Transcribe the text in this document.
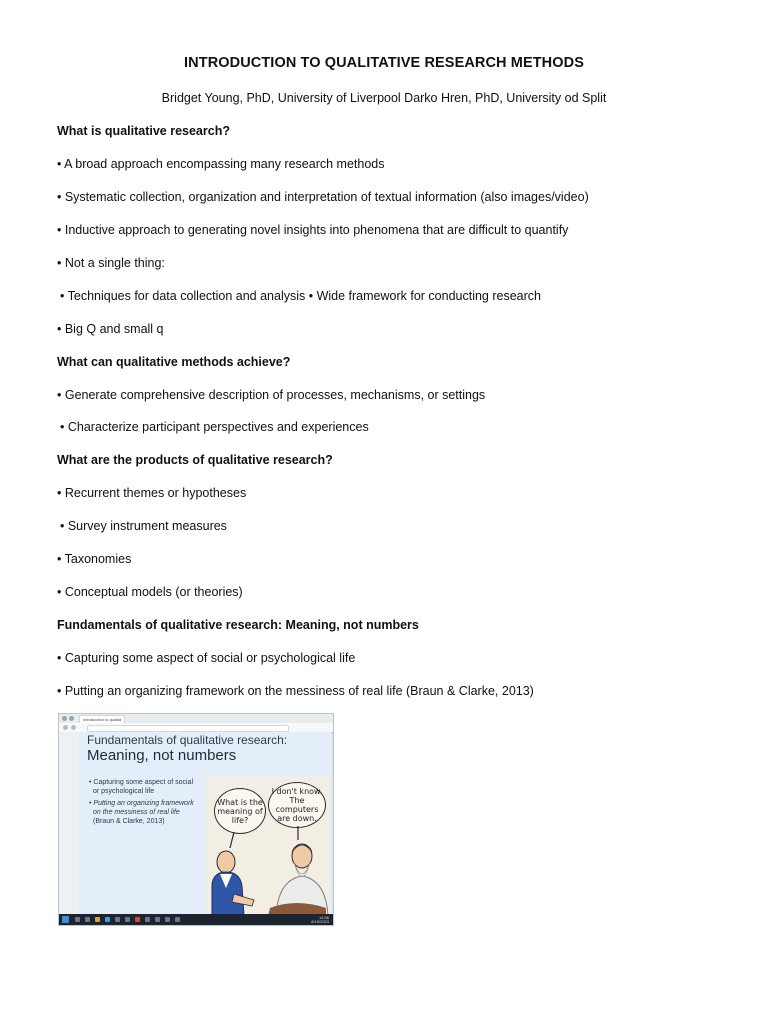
INTRODUCTION TO QUALITATIVE RESEARCH METHODS
Bridget Young, PhD, University of Liverpool Darko Hren, PhD, University od Split
What is qualitative research?
• A broad approach encompassing many research methods
• Systematic collection, organization and interpretation of textual information (also images/video)
• Inductive approach to generating novel insights into phenomena that are difficult to quantify
• Not a single thing:
• Techniques for data collection and analysis • Wide framework for conducting research
• Big Q and small q
What can qualitative methods achieve?
• Generate comprehensive description of processes, mechanisms, or settings
• Characterize participant perspectives and experiences
What are the products of qualitative research?
• Recurrent themes or hypotheses
• Survey instrument measures
• Taxonomies
• Conceptual models (or theories)
Fundamentals of qualitative research: Meaning, not numbers
• Capturing some aspect of social or psychological life
• Putting an organizing framework on the messiness of real life (Braun & Clarke, 2013)
Introduction to qualita
Fundamentals of qualitative research:
Meaning, not numbers
• Capturing some aspect of social
or psychological life
• Putting an organizing framework
on the messiness of real life
(Braun & Clarke, 2013)
What is the meaning of life?
I don't know. The computers are down.
14:56
8/16/2024
